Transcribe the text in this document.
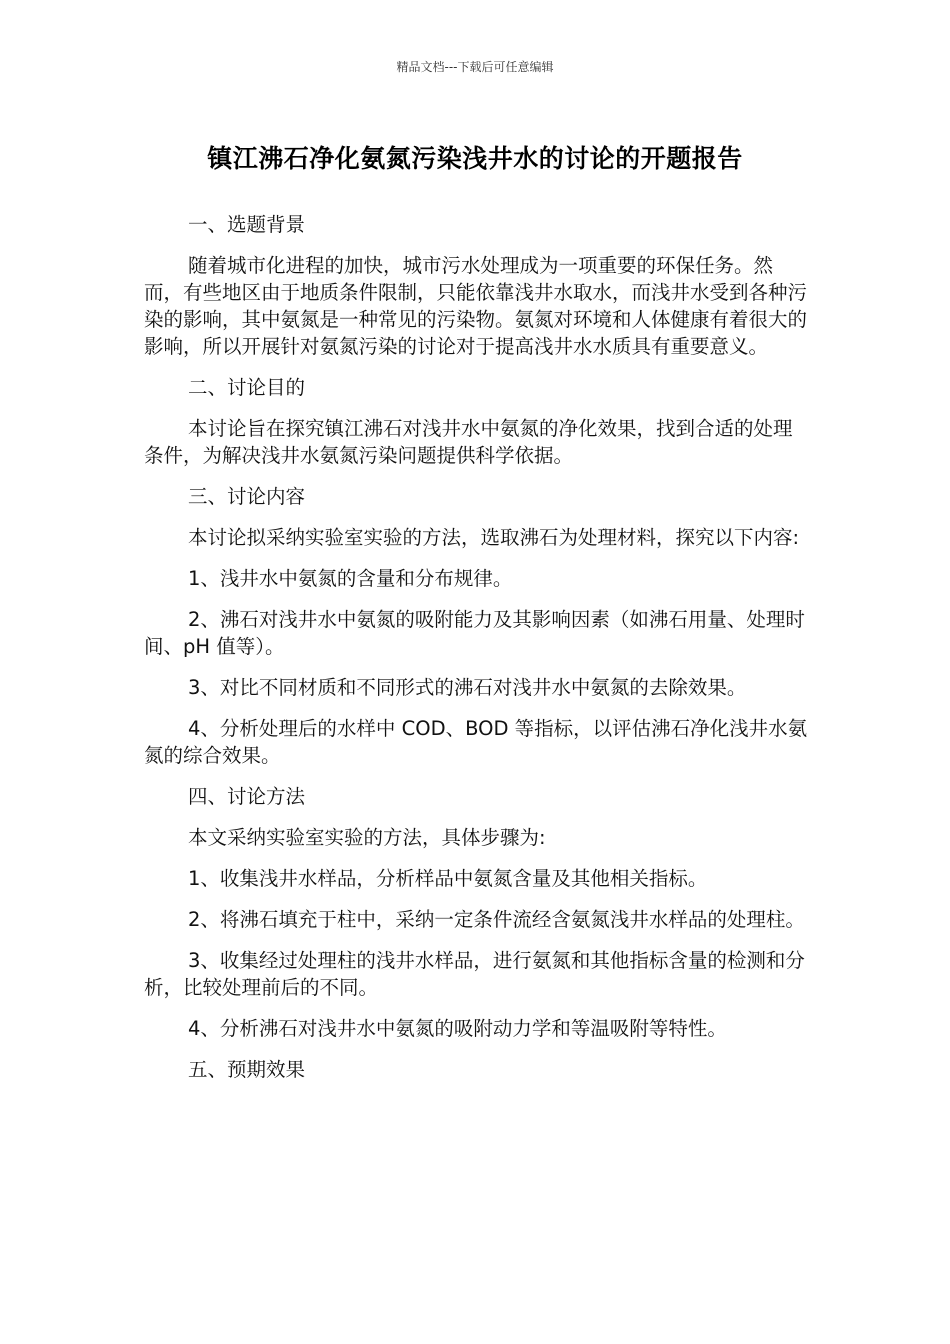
精品文档---下载后可任意编辑
镇江沸石净化氨氮污染浅井水的讨论的开题报告

一、选题背景

随着城市化进程的加快，城市污水处理成为一项重要的环保任务。然而，有些地区由于地质条件限制，只能依靠浅井水取水，而浅井水受到各种污染的影响，其中氨氮是一种常见的污染物。氨氮对环境和人体健康有着很大的影响，所以开展针对氨氮污染的讨论对于提高浅井水水质具有重要意义。

二、讨论目的

本讨论旨在探究镇江沸石对浅井水中氨氮的净化效果，找到合适的处理条件，为解决浅井水氨氮污染问题提供科学依据。

三、讨论内容

本讨论拟采纳实验室实验的方法，选取沸石为处理材料，探究以下内容:

1、浅井水中氨氮的含量和分布规律。

2、沸石对浅井水中氨氮的吸附能力及其影响因素（如沸石用量、处理时间、pH 值等）。

3、对比不同材质和不同形式的沸石对浅井水中氨氮的去除效果。

4、分析处理后的水样中 COD、BOD 等指标，以评估沸石净化浅井水氨氮的综合效果。

四、讨论方法

本文采纳实验室实验的方法，具体步骤为:

1、收集浅井水样品，分析样品中氨氮含量及其他相关指标。

2、将沸石填充于柱中，采纳一定条件流经含氨氮浅井水样品的处理柱。

3、收集经过处理柱的浅井水样品，进行氨氮和其他指标含量的检测和分析，比较处理前后的不同。

4、分析沸石对浅井水中氨氮的吸附动力学和等温吸附等特性。

五、预期效果
